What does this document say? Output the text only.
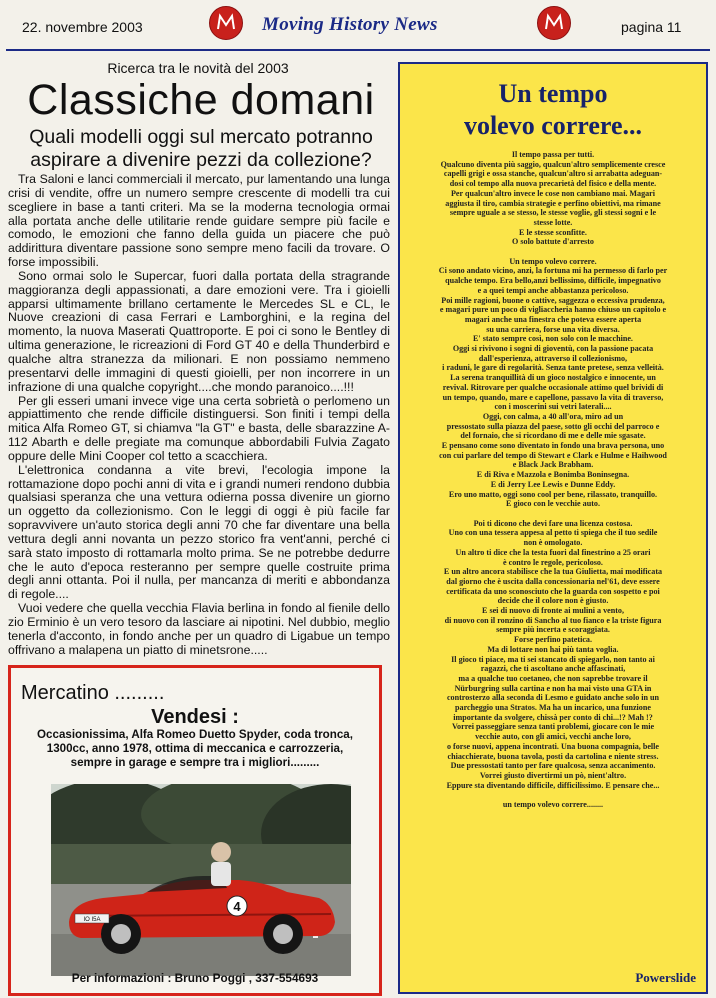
22. novembre 2003	Moving History News	pagina 11
Ricerca tra le novità del 2003
Classiche domani
Quali modelli oggi sul mercato potranno aspirare a divenire pezzi da collezione?

Tra Saloni e lanci commerciali il mercato, pur lamentando una lunga crisi di vendite, offre un numero sempre crescente di modelli tra cui scegliere in base a tanti criteri. Ma se la moderna tecnologia ormai alla portata anche delle utilitarie rende guidare sempre più facile e comodo, le emozioni che fanno della guida un piacere che può addirittura diventare passione sono sempre meno facili da trovare. O forse impossibili.

Sono ormai solo le Supercar, fuori dalla portata della stragrande maggioranza degli appassionati, a dare emozioni vere. Tra i gioielli apparsi ultimamente brillano certamente le Mercedes SL e CL, le Nuove creazioni di casa Ferrari e Lamborghini, e la regina del momento, la nuova Maserati Quattroporte. E poi ci sono le Bentley di ultima generazione, le ricreazioni di Ford GT 40 e della Thunderbird e qualche altra stranezza da milionari. E non possiamo nemmeno presentarvi delle immagini di questi gioielli, per non incorrere in un infrazione di una qualche copyright....che mondo paranoico....!!!

Per gli esseri umani invece vige una certa sobrietà o perlomeno un appiattimento che rende difficile distinguersi. Son finiti i tempi della mitica Alfa Romeo GT, si chiamva "la GT" e basta, delle sbarazzine A-112 Abarth e delle pregiate ma comunque abbordabili Fulvia Zagato oppure delle Mini Cooper col tetto a scacchiera.

L'elettronica condanna a vite brevi, l'ecologia impone la rottamazione dopo pochi anni di vita e i grandi numeri rendono dubbia qualsiasi speranza che una vettura odierna possa divenire un giorno un oggetto da collezionismo. Con le leggi di oggi è più facile far sopravvivere un'auto storica degli anni 70 che far diventare una bella vettura degli anni novanta un pezzo storico fra vent'anni, perché ci sarà stato imposto di rottamarla molto prima. Se ne potrebbe dedurre che le auto d'epoca resteranno per sempre quelle costruite prima degli anni ottanta. Poi il nulla, per mancanza di meriti e abbondanza di regole....

Vuoi vedere che quella vecchia Flavia berlina in fondo al fienile dello zio Erminio è un vero tesoro da lasciare ai nipotini. Nel dubbio, meglio tenerla d'acconto, in fondo anche per un quadro di Ligabue un tempo offrivano a malapena un piatto di minetsrone.....

Mercatino .........
Vendesi :
Occasionissima, Alfa Romeo Duetto Spyder, coda tronca, 1300cc, anno 1978, ottima di meccanica e carrozzeria, sempre in garage e sempre tra i migliori.........
4
IO I5A
Per informazioni : Bruno Poggi , 337-554693
Un tempo
volevo correre...
Il tempo passa per tutti.
Qualcuno diventa più saggio, qualcun'altro semplicemente cresce
capelli grigi e ossa stanche, qualcun'altro si arrabatta adeguan-
dosi col tempo alla nuova precarietà del fisico e della mente.
Per qualcun'altro invece le cose non cambiano mai. Magari
aggiusta il tiro, cambia strategie e perfino obiettivi, ma rimane
sempre uguale a se stesso, le stesse voglie, gli stessi sogni e le
stesse lotte.
E le stesse sconfitte.
O solo battute d'arresto
Un tempo volevo correre.
Ci sono andato vicino, anzi, la fortuna mi ha permesso di farlo per
qualche tempo. Era bello,anzi bellissimo, difficile, impegnativo
e a quei tempi anche abbastanza pericoloso.
Poi mille ragioni, buone o cattive, saggezza o eccessiva prudenza,
e magari pure un poco di vigliaccheria hanno chiuso un capitolo e
magari anche una finestra che poteva essere aperta
su una carriera, forse una vita diversa.
E' stato sempre così, non solo con le macchine.
Oggi si rivivono i sogni di gioventù, con la passione pacata
dall'esperienza, attraverso il collezionismo,
i raduni, le gare di regolarità. Senza tante pretese, senza velleità.
La serena tranquillità di un gioco nostalgico e innocente, un
revival. Ritrovare per qualche occasionale attimo quel brividi di
un tempo, quando, mare e capellone, passavo la vita di traverso,
con i moscerini sui vetri laterali....
Oggi, con calma, a 40 all'ora, miro ad un
pressostato sulla piazza del paese, sotto gli occhi del parroco e
del fornaio, che si ricordano di me e delle mie sgasate.
E pensano come sono diventato in fondo una brava persona, uno
con cui parlare del tempo di Stewart e Clark e Hulme e Haihwood
e Black Jack Brabham.
E di Riva e Mazzola e Bonimba Boninsegna.
E di Jerry Lee Lewis e Dunne Eddy.
Ero uno matto, oggi sono cool per bene, rilassato, tranquillo.
E gioco con le vecchie auto.
Poi ti dicono che devi fare una licenza costosa.
Uno con una tessera appesa al petto ti spiega che il tuo sedile
non è omologato.
Un altro ti dice che la testa fuori dal finestrino a 25 orari
è contro le regole, pericoloso.
E un altro ancora stabilisce che la tua Giulietta, mai modificata
dal giorno che è uscita dalla concessionaria nel'61, deve essere
certificata da uno sconosciuto che la guarda con sospetto e poi
decide che il colore non è giusto.
E sei di nuovo di fronte ai mulini a vento,
di nuovo con il ronzino di Sancho al tuo fianco e la triste figura
sempre più incerta e scoraggiata.
Forse perfino patetica.
Ma di lottare non hai più tanta voglia.
Il gioco ti piace, ma ti sei stancato di spiegarlo, non tanto ai
ragazzi, che ti ascoltano anche affascinati,
ma a qualche tuo coetaneo, che non saprebbe trovare il
Nürburgring sulla cartina e non ha mai visto una GTA in
controsterzo alla seconda di Lesmo e guidato anche solo in un
parcheggio una Stratos. Ma ha un incarico, una funzione
importante da svolgere, chissà per conto di chi...!? Mah !?
Vorrei passeggiare senza tanti problemi, giocare con le mie
vecchie auto, con gli amici, vecchi anche loro,
o forse nuovi, appena incontrati. Una buona compagnia, belle
chiacchierate, buona tavola, posti da cartolina e niente stress.
Due pressostati tanto per fare qualcosa, senza accanimento.
Vorrei giusto divertirmi un pò, nient'altro.
Eppure sta diventando difficile, difficilissimo. E pensare che...
un tempo volevo correre........
Powerslide
